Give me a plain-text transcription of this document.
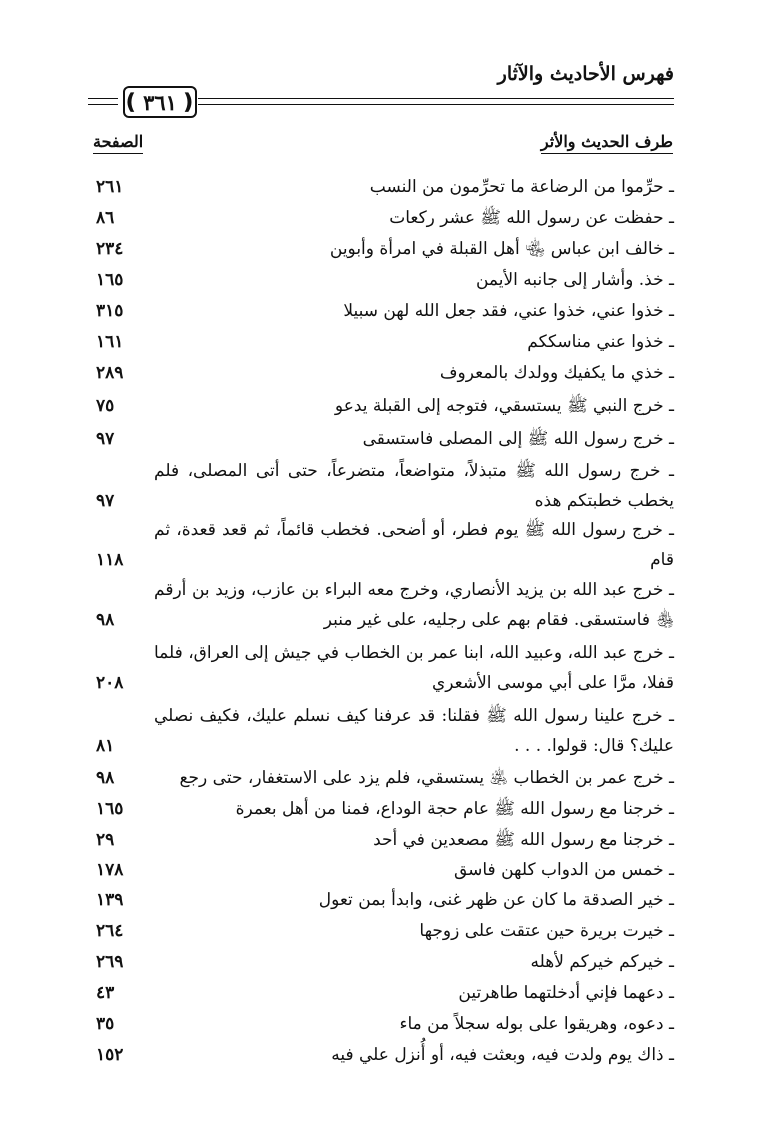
فهرس الأحاديث والآثار
❪ ٣٦١ ❫
طرف الحديث والأثر
الصفحة
ـ حرِّموا من الرضاعة ما تحرِّمون من النسب
٢٦١
ـ حفظت عن رسول الله ﷺ عشر ركعات
٨٦
ـ خالف ابن عباس ﵄ أهل القبلة في امرأة وأبوين
٢٣٤
ـ خذ. وأشار إلى جانبه الأيمن
١٦٥
ـ خذوا عني، خذوا عني، فقد جعل الله لهن سبيلا
٣١٥
ـ خذوا عني مناسككم
١٦١
ـ خذي ما يكفيك وولدك بالمعروف
٢٨٩
ـ خرج النبي ﷺ يستسقي، فتوجه إلى القبلة يدعو
٧٥
ـ خرج رسول الله ﷺ إلى المصلى فاستسقى
٩٧
ـ خرج رسول الله ﷺ متبذلاً، متواضعاً، متضرعاً، حتى أتى المصلى، فلم يخطب خطبتكم هذه
٩٧
ـ خرج رسول الله ﷺ يوم فطر، أو أضحى. فخطب قائماً، ثم قعد قعدة، ثم قام
١١٨
ـ خرج عبد الله بن يزيد الأنصاري، وخرج معه البراء بن عازب، وزيد بن أرقم ﵃ فاستسقى. فقام بهم على رجليه، على غير منبر
٩٨
ـ خرج عبد الله، وعبيد الله، ابنا عمر بن الخطاب في جيش إلى العراق، فلما قفلا، مرَّا على أبي موسى الأشعري
٢٠٨
ـ خرج علينا رسول الله ﷺ فقلنا: قد عرفنا كيف نسلم عليك، فكيف نصلي عليك؟ قال: قولوا. . . .
٨١
ـ خرج عمر بن الخطاب ﵁ يستسقي، فلم يزد على الاستغفار، حتى رجع
٩٨
ـ خرجنا مع رسول الله ﷺ عام حجة الوداع، فمنا من أهل بعمرة
١٦٥
ـ خرجنا مع رسول الله ﷺ مصعدين في أحد
٢٩
ـ خمس من الدواب كلهن فاسق
١٧٨
ـ خير الصدقة ما كان عن ظهر غنى، وابدأ بمن تعول
١٣٩
ـ خيرت بريرة حين عتقت على زوجها
٢٦٤
ـ خيركم خيركم لأهله
٢٦٩
ـ دعهما فإني أدخلتهما طاهرتين
٤٣
ـ دعوه، وهريقوا على بوله سجلاً من ماء
٣٥
ـ ذاك يوم ولدت فيه، وبعثت فيه، أو أُنزل علي فيه
١٥٢
